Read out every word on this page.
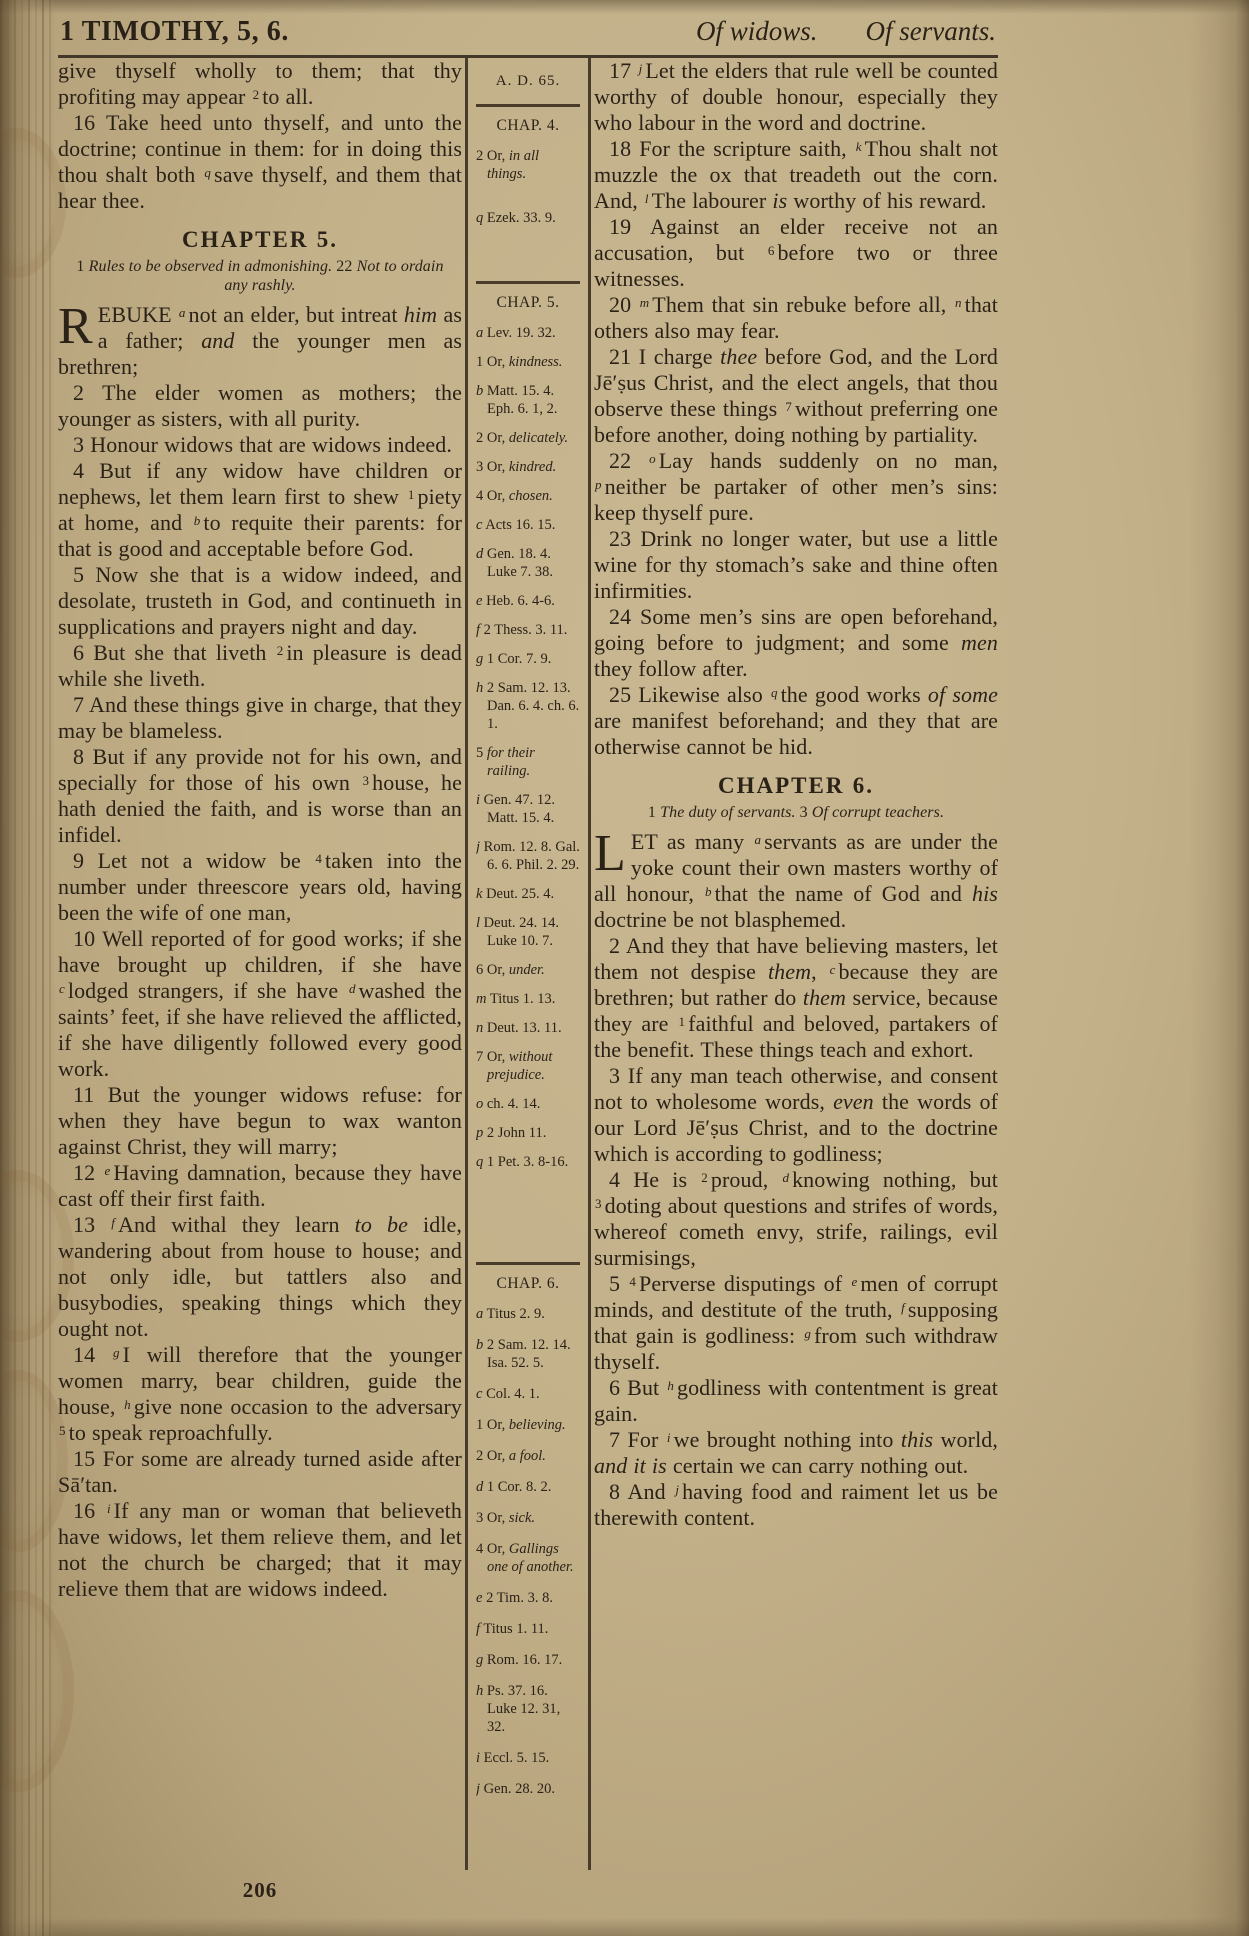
1 TIMOTHY, 5, 6.	Of widows. Of servants.

give thyself wholly to them; that thy profiting may appear $^2$ to all.

16 Take heed unto thyself, and unto the doctrine; continue in them: for in doing this thou shalt both $^q$ save thyself, and them that hear thee.

CHAPTER 5.

1 Rules to be observed in admonishing. 22 Not to ordain any rashly.

REBUKE $^a$ not an elder, but intreat him as a father; and the younger men as brethren;

2 The elder women as mothers; the younger as sisters, with all purity.

3 Honour widows that are widows indeed.

4 But if any widow have children or nephews, let them learn first to shew $^1$ piety at home, and $^b$ to requite their parents: for that is good and acceptable before God.

5 Now she that is a widow indeed, and desolate, trusteth in God, and continueth in supplications and prayers night and day.

6 But she that liveth $^2$ in pleasure is dead while she liveth.

7 And these things give in charge, that they may be blameless.

8 But if any provide not for his own, and specially for those of his own $^3$ house, he hath denied the faith, and is worse than an infidel.

9 Let not a widow be $^4$ taken into the number under threescore years old, having been the wife of one man,

10 Well reported of for good works; if she have brought up children, if she have $^c$ lodged strangers, if she have $^d$ washed the saints’ feet, if she have relieved the afflicted, if she have diligently followed every good work.

11 But the younger widows refuse: for when they have begun to wax wanton against Christ, they will marry;

12 $^e$ Having damnation, because they have cast off their first faith.

13 $^f$ And withal they learn to be idle, wandering about from house to house; and not only idle, but tattlers also and busybodies, speaking things which they ought not.

14 $^g$ I will therefore that the younger women marry, bear children, guide the house, $^h$ give none occasion to the adversary $^5$ to speak reproachfully.

15 For some are already turned aside after Sā′tan.

16 $^i$ If any man or woman that believeth have widows, let them relieve them, and let not the church be charged; that it may relieve them that are widows indeed.

A. D. 65.
CHAP. 4.

2 Or, in all things.

q Ezek. 33. 9.

CHAP. 5.

a Lev. 19. 32.

1 Or, kindness.

b Matt. 15. 4. Eph. 6. 1, 2.

2 Or, delicately.

3 Or, kindred.

4 Or, chosen.

c Acts 16. 15.

d Gen. 18. 4. Luke 7. 38.

e Heb. 6. 4-6.

f 2 Thess. 3. 11.

g 1 Cor. 7. 9.

h 2 Sam. 12. 13. Dan. 6. 4. ch. 6. 1.

5 for their railing.

i Gen. 47. 12. Matt. 15. 4.

j Rom. 12. 8. Gal. 6. 6. Phil. 2. 29.

k Deut. 25. 4.

l Deut. 24. 14. Luke 10. 7.

6 Or, under.

m Titus 1. 13.

n Deut. 13. 11.

7 Or, without prejudice.

o ch. 4. 14.

p 2 John 11.

q 1 Pet. 3. 8-16.

CHAP. 6.

a Titus 2. 9.

b 2 Sam. 12. 14. Isa. 52. 5.

c Col. 4. 1.

1 Or, believing.

2 Or, a fool.

d 1 Cor. 8. 2.

3 Or, sick.

4 Or, Gallings one of another.

e 2 Tim. 3. 8.

f Titus 1. 11.

g Rom. 16. 17.

h Ps. 37. 16. Luke 12. 31, 32.

i Eccl. 5. 15.

j Gen. 28. 20.

17 $^j$ Let the elders that rule well be counted worthy of double honour, especially they who labour in the word and doctrine.

18 For the scripture saith, $^k$ Thou shalt not muzzle the ox that treadeth out the corn. And, $^l$ The labourer is worthy of his reward.

19 Against an elder receive not an accusation, but $^6$ before two or three witnesses.

20 $^m$ Them that sin rebuke before all, $^n$ that others also may fear.

21 I charge thee before God, and the Lord Jē′ṣus Christ, and the elect angels, that thou observe these things $^7$ without preferring one before another, doing nothing by partiality.

22 $^o$ Lay hands suddenly on no man, $^p$ neither be partaker of other men’s sins: keep thyself pure.

23 Drink no longer water, but use a little wine for thy stomach’s sake and thine often infirmities.

24 Some men’s sins are open beforehand, going before to judgment; and some men they follow after.

25 Likewise also $^q$ the good works of some are manifest beforehand; and they that are otherwise cannot be hid.

CHAPTER 6.

1 The duty of servants. 3 Of corrupt teachers.

LET as many $^a$ servants as are under the yoke count their own masters worthy of all honour, $^b$ that the name of God and his doctrine be not blasphemed.

2 And they that have believing masters, let them not despise them, $^c$ because they are brethren; but rather do them service, because they are $^1$ faithful and beloved, partakers of the benefit. These things teach and exhort.

3 If any man teach otherwise, and consent not to wholesome words, even the words of our Lord Jē′ṣus Christ, and to the doctrine which is according to godliness;

4 He is $^2$ proud, $^d$ knowing nothing, but $^3$ doting about questions and strifes of words, whereof cometh envy, strife, railings, evil surmisings,

5 $^4$ Perverse disputings of $^e$ men of corrupt minds, and destitute of the truth, $^f$ supposing that gain is godliness: $^g$ from such withdraw thyself.

6 But $^h$ godliness with contentment is great gain.

7 For $^i$ we brought nothing into this world, and it is certain we can carry nothing out.

8 And $^j$ having food and raiment let us be therewith content.

206
